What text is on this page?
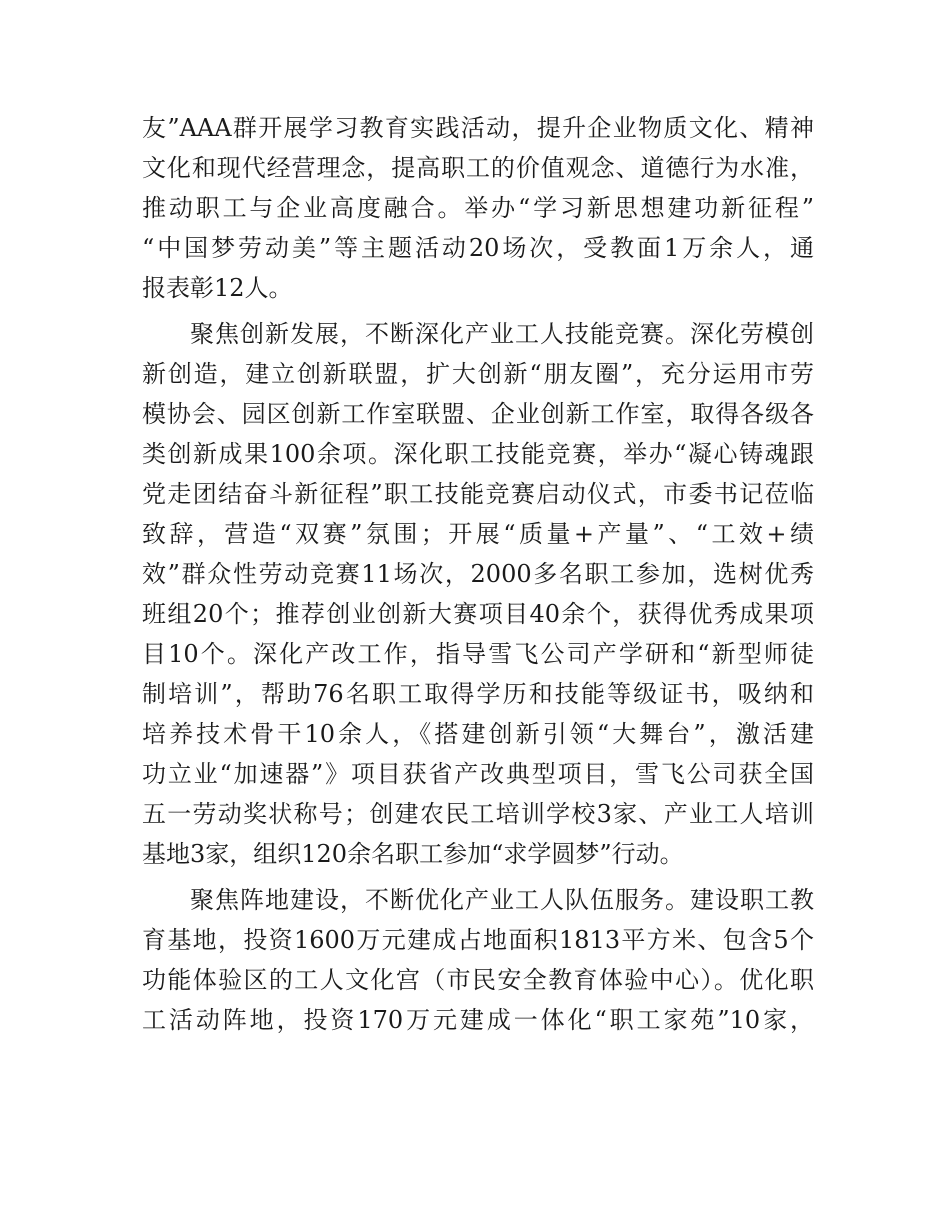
友”AAA群开展学习教育实践活动，提升企业物质文化、精神
文化和现代经营理念，提高职工的价值观念、道德行为水准，
推动职工与企业高度融合。举办“学习新思想建功新征程”
“中国梦劳动美”等主题活动20场次，受教面1万余人，通
报表彰12人。
聚焦创新发展，不断深化产业工人技能竞赛。深化劳模创
新创造，建立创新联盟，扩大创新“朋友圈”，充分运用市劳
模协会、园区创新工作室联盟、企业创新工作室，取得各级各
类创新成果100余项。深化职工技能竞赛，举办“凝心铸魂跟
党走团结奋斗新征程”职工技能竞赛启动仪式，市委书记莅临
致辞，营造“双赛”氛围；开展“质量+产量”、“工效+绩
效”群众性劳动竞赛11场次，2000多名职工参加，选树优秀
班组20个；推荐创业创新大赛项目40余个，获得优秀成果项
目10个。深化产改工作，指导雪飞公司产学研和“新型师徒
制培训”，帮助76名职工取得学历和技能等级证书，吸纳和
培养技术骨干10余人，《搭建创新引领“大舞台”，激活建
功立业“加速器”》项目获省产改典型项目，雪飞公司获全国
五一劳动奖状称号；创建农民工培训学校3家、产业工人培训
基地3家，组织120余名职工参加“求学圆梦”行动。
聚焦阵地建设，不断优化产业工人队伍服务。建设职工教
育基地，投资1600万元建成占地面积1813平方米、包含5个
功能体验区的工人文化宫（市民安全教育体验中心）。优化职
工活动阵地，投资170万元建成一体化“职工家苑”10家，
